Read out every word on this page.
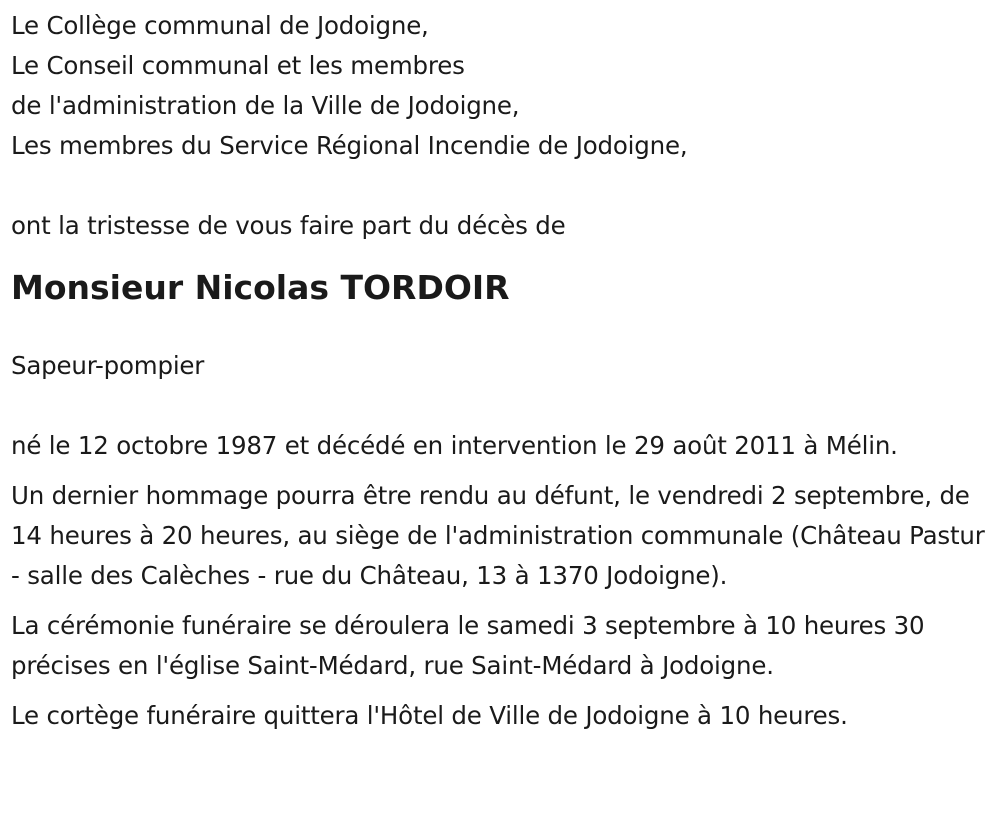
Le Collège communal de Jodoigne,

Le Conseil communal et les membres

de l'administration de la Ville de Jodoigne,

Les membres du Service Régional Incendie de Jodoigne,

ont la tristesse de vous faire part du décès de

Monsieur Nicolas TORDOIR

Sapeur-pompier

né le 12 octobre 1987 et décédé en intervention le 29 août 2011 à Mélin.

Un dernier hommage pourra être rendu au défunt, le vendredi 2 septembre, de 14 heures à 20 heures, au siège de l'administration communale (Château Pastur - salle des Calèches - rue du Château, 13 à 1370 Jodoigne).

La cérémonie funéraire se déroulera le samedi 3 septembre à 10 heures 30 précises en l'église Saint-Médard, rue Saint-Médard à Jodoigne.

Le cortège funéraire quittera l'Hôtel de Ville de Jodoigne à 10 heures.
